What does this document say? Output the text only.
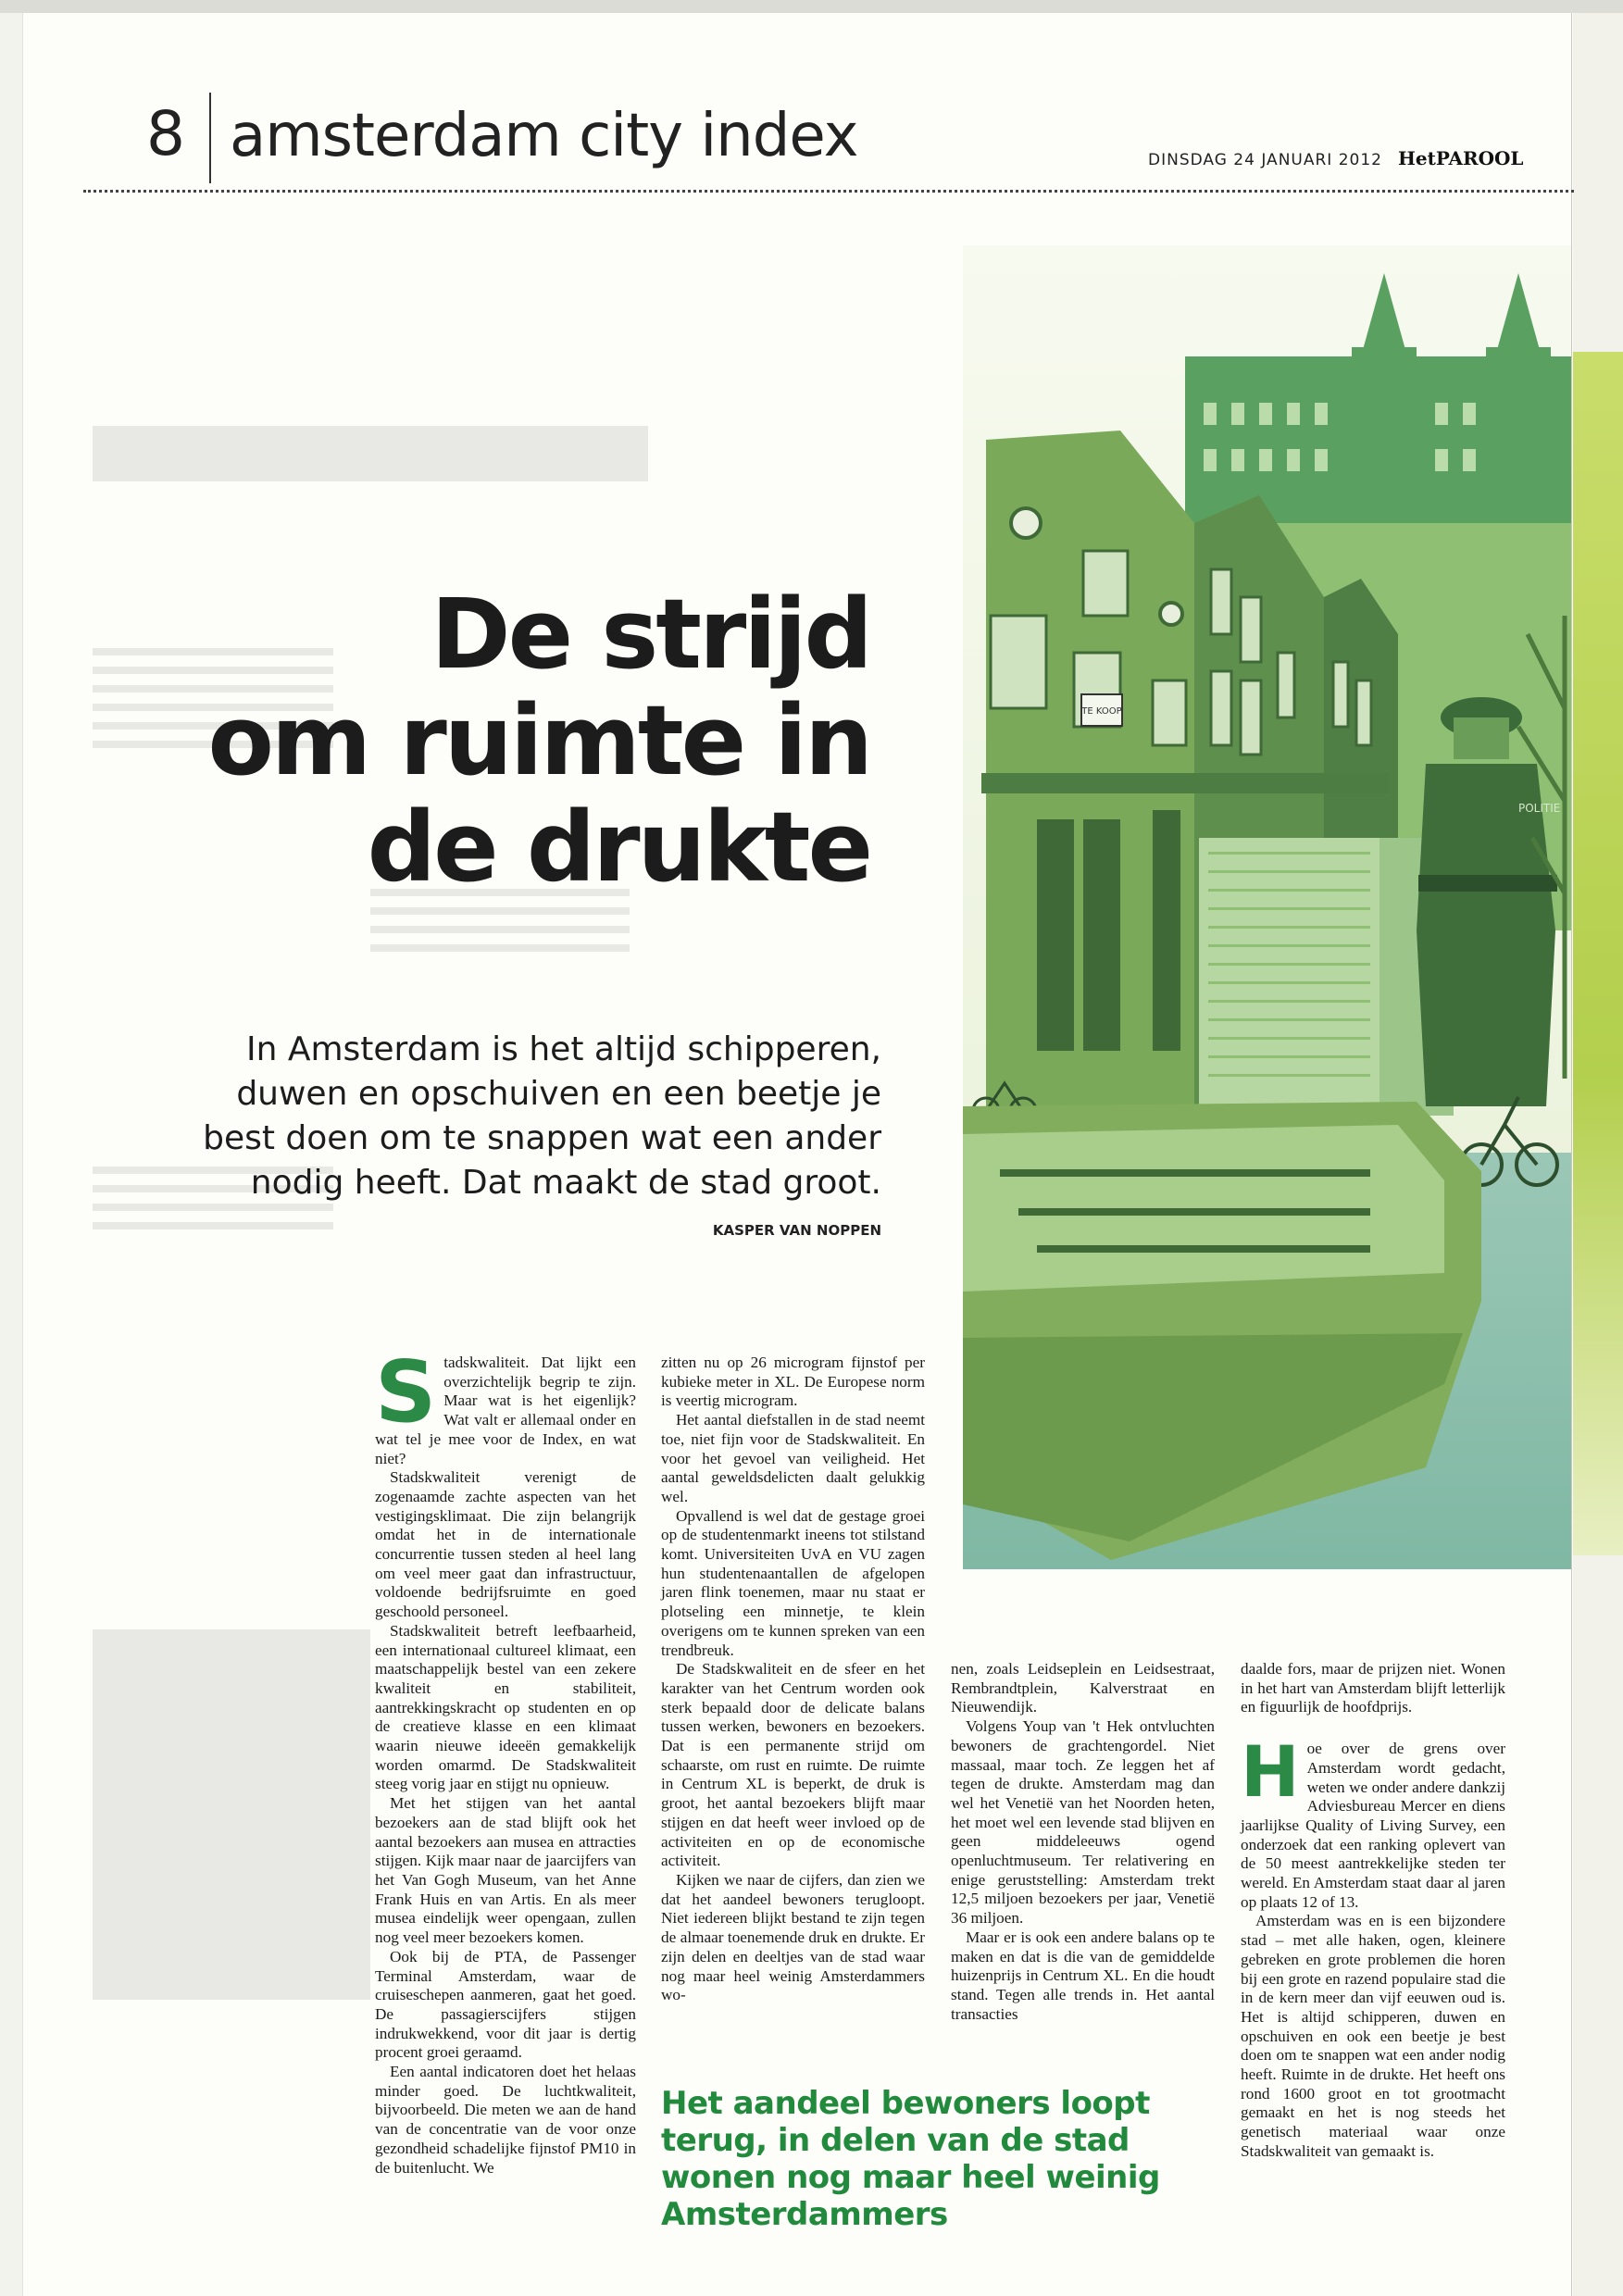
8 amsterdam city index	DINSDAG 24 JANUARI 2012 HetPAROOL
De strijd
om ruimte in
de drukte
In Amsterdam is het altijd schipperen, duwen en opschuiven en een beetje je best doen om te snappen wat een ander nodig heeft. Dat maakt de stad groot.
KASPER VAN NOPPEN
TE KOOP
POLITIE

Stadskwaliteit. Dat lijkt een overzichtelijk begrip te zijn. Maar wat is het eigenlijk? Wat valt er allemaal onder en wat tel je mee voor de Index, en wat niet?

Stadskwaliteit verenigt de zogenaamde zachte aspecten van het vestigingsklimaat. Die zijn belangrijk omdat het in de internationale concurrentie tussen steden al heel lang om veel meer gaat dan infrastructuur, voldoende bedrijfsruimte en goed geschoold personeel.

Stadskwaliteit betreft leefbaarheid, een internationaal cultureel klimaat, een maatschappelijk bestel van een zekere kwaliteit en stabiliteit, aantrekkingskracht op studenten en op de creatieve klasse en een klimaat waarin nieuwe ideeën gemakkelijk worden omarmd. De Stadskwaliteit steeg vorig jaar en stijgt nu opnieuw.

Met het stijgen van het aantal bezoekers aan de stad blijft ook het aantal bezoekers aan musea en attracties stijgen. Kijk maar naar de jaarcijfers van het Van Gogh Museum, van het Anne Frank Huis en van Artis. En als meer musea eindelijk weer opengaan, zullen nog veel meer bezoekers komen.

Ook bij de PTA, de Passenger Terminal Amsterdam, waar de cruiseschepen aanmeren, gaat het goed. De passagierscijfers stijgen indrukwekkend, voor dit jaar is dertig procent groei geraamd.

Een aantal indicatoren doet het helaas minder goed. De luchtkwaliteit, bijvoorbeeld. Die meten we aan de hand van de concentratie van de voor onze gezondheid schadelijke fijnstof PM10 in de buitenlucht. We

zitten nu op 26 microgram fijnstof per kubieke meter in XL. De Europese norm is veertig microgram.

Het aantal diefstallen in de stad neemt toe, niet fijn voor de Stadskwaliteit. En voor het gevoel van veiligheid. Het aantal geweldsdelicten daalt gelukkig wel.

Opvallend is wel dat de gestage groei op de studentenmarkt ineens tot stilstand komt. Universiteiten UvA en VU zagen hun studentenaantallen de afgelopen jaren flink toenemen, maar nu staat er plotseling een minnetje, te klein overigens om te kunnen spreken van een trendbreuk.

De Stadskwaliteit en de sfeer en het karakter van het Centrum worden ook sterk bepaald door de delicate balans tussen werken, bewoners en bezoekers. Dat is een permanente strijd om schaarste, om rust en ruimte. De ruimte in Centrum XL is beperkt, de druk is groot, het aantal bezoekers blijft maar stijgen en dat heeft weer invloed op de activiteiten en op de economische activiteit.

Kijken we naar de cijfers, dan zien we dat het aandeel bewoners terugloopt. Niet iedereen blijkt bestand te zijn tegen de almaar toenemende druk en drukte. Er zijn delen en deeltjes van de stad waar nog maar heel weinig Amsterdammers wo-

nen, zoals Leidseplein en Leidsestraat, Rembrandtplein, Kalverstraat en Nieuwendijk.

Volgens Youp van 't Hek ontvluchten bewoners de grachtengordel. Niet massaal, maar toch. Ze leggen het af tegen de drukte. Amsterdam mag dan wel het Venetië van het Noorden heten, het moet wel een levende stad blijven en geen middeleeuws ogend openluchtmuseum. Ter relativering en enige geruststelling: Amsterdam trekt 12,5 miljoen bezoekers per jaar, Venetië 36 miljoen.

Maar er is ook een andere balans op te maken en dat is die van de gemiddelde huizenprijs in Centrum XL. En die houdt stand. Tegen alle trends in. Het aantal transacties

daalde fors, maar de prijzen niet. Wonen in het hart van Amsterdam blijft letterlijk en figuurlijk de hoofdprijs.

Hoe over de grens over Amsterdam wordt gedacht, weten we onder andere dankzij Adviesbureau Mercer en diens jaarlijkse Quality of Living Survey, een onderzoek dat een ranking oplevert van de 50 meest aantrekkelijke steden ter wereld. En Amsterdam staat daar al jaren op plaats 12 of 13.

Amsterdam was en is een bijzondere stad – met alle haken, ogen, kleinere gebreken en grote problemen die horen bij een grote en razend populaire stad die in de kern meer dan vijf eeuwen oud is. Het is altijd schipperen, duwen en opschuiven en ook een beetje je best doen om te snappen wat een ander nodig heeft. Ruimte in de drukte. Het heeft ons rond 1600 groot en tot grootmacht gemaakt en het is nog steeds het genetisch materiaal waar onze Stadskwaliteit van gemaakt is.

Het aandeel bewoners loopt terug, in delen van de stad wonen nog maar heel weinig Amsterdammers
